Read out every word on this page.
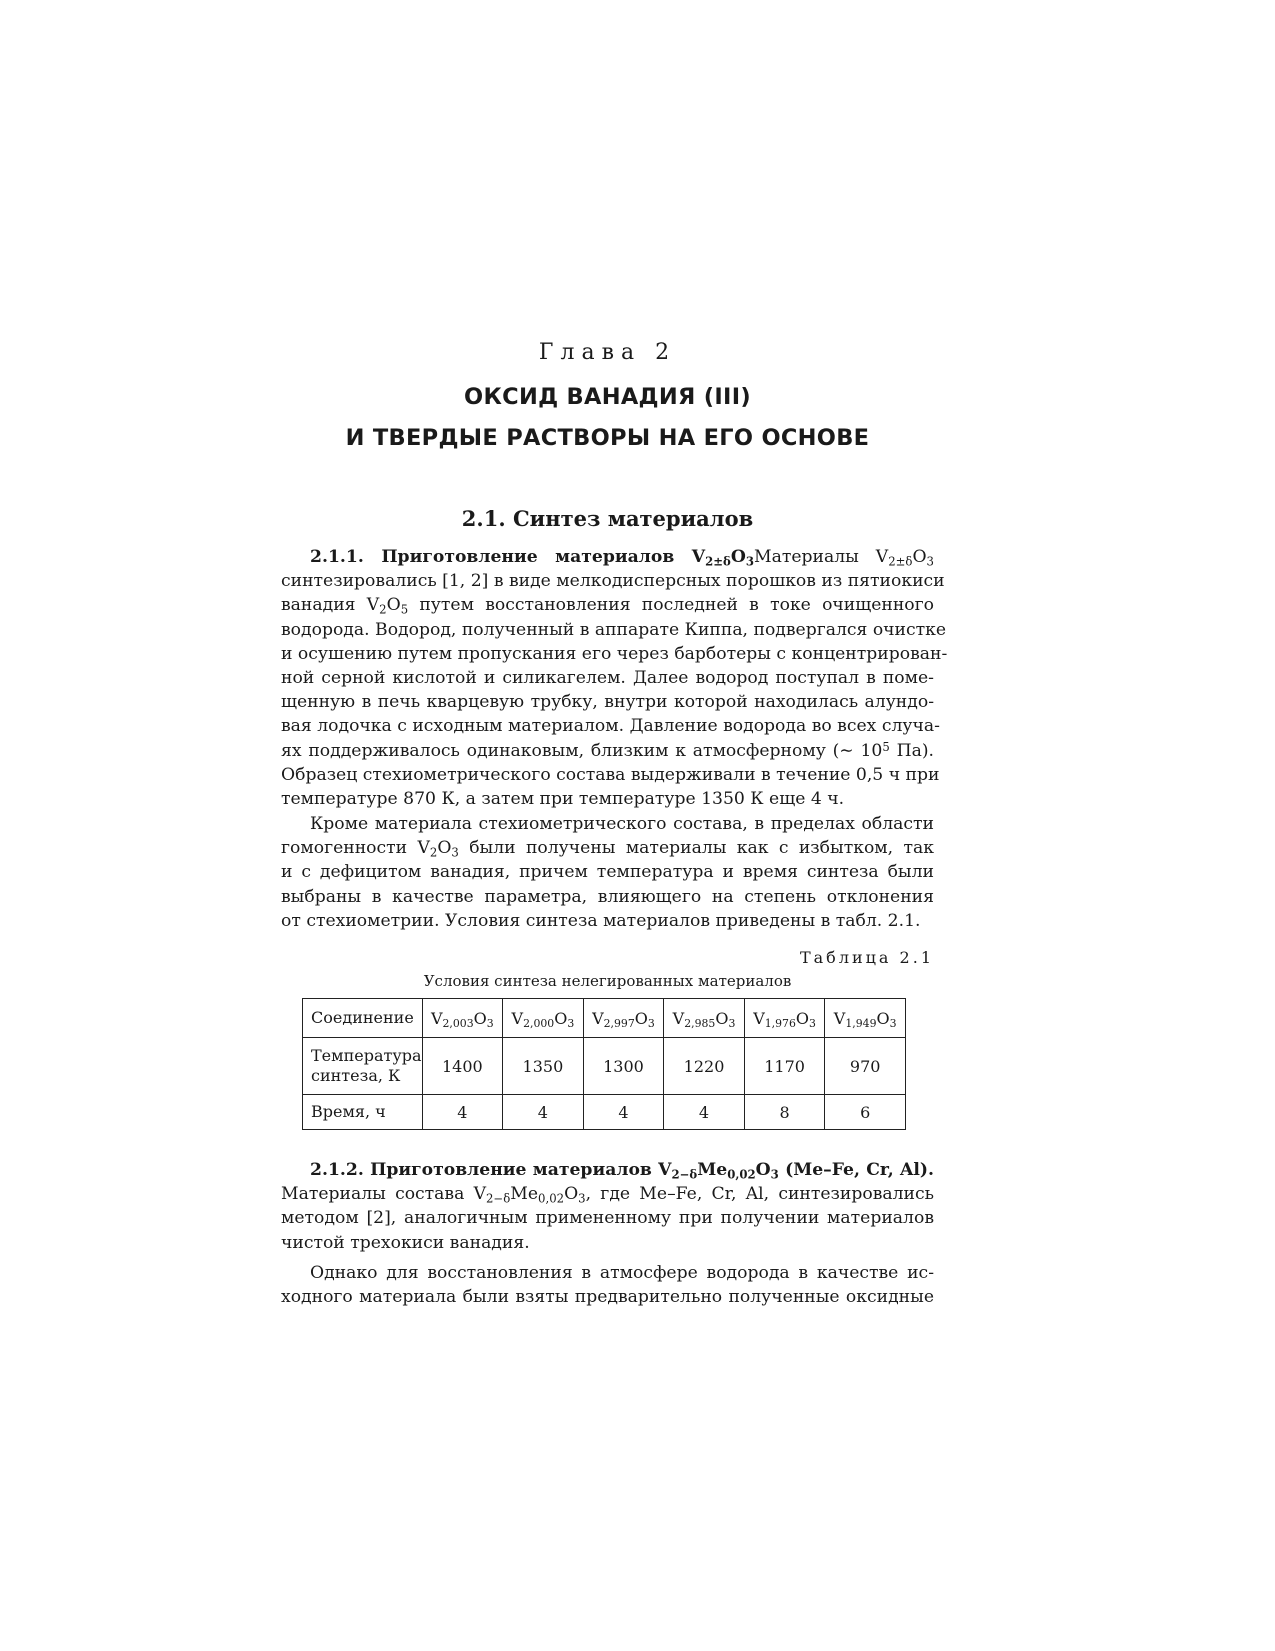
Глава 2
ОКСИД ВАНАДИЯ (III)
И ТВЕРДЫЕ РАСТВОРЫ НА ЕГО ОСНОВЕ
2.1. Синтез материалов
2.1.1. Приготовление материалов $V_{2\pm\delta}O_3Материалы$ $V_{2\pm\delta}O_3$
синтезировались [1, 2] в виде мелкодисперсных порошков из пятиокиси
ванадия $V_2O_5$ путем восстановления последней в токе очищенного
водорода. Водород, полученный в аппарате Киппа, подвергался очистке
и осушению путем пропускания его через барботеры с концентрирован-
ной серной кислотой и силикагелем. Далее водород поступал в поме-
щенную в печь кварцевую трубку, внутри которой находилась алундо-
вая лодочка с исходным материалом. Давление водорода во всех случа-
ях поддерживалось одинаковым, близким к атмосферному (∼ $10^5$ Па).
Образец стехиометрического состава выдерживали в течение 0,5 ч при
температуре 870 К, а затем при температуре 1350 К еще 4 ч.
Кроме материала стехиометрического состава, в пределах области
гомогенности $V_2O_3$ были получены материалы как с избытком, так
и с дефицитом ванадия, причем температура и время синтеза были
выбраны в качестве параметра, влияющего на степень отклонения
от стехиометрии. Условия синтеза материалов приведены в табл. 2.1.
Таблица 2.1
Условия синтеза нелегированных материалов
Соединение	$V_{2,003}O_3$	$V_{2,000}O_3$	$V_{2,997}O_3$	$V_{2,985}O_3$	$V_{1,976}O_3$	$V_{1,949}O_3$
Температура синтеза, К	1400	1350	1300	1220	1170	970
Время, ч	4	4	4	4	8	6
2.1.2. Приготовление материалов $V_{2-\delta}Me_{0,02}O_3$ (Me–Fe, Cr, Al).
Материалы состава $V_{2-\delta}Me_{0,02}O_3$, где Me–Fe, Cr, Al, синтезировались
методом [2], аналогичным примененному при получении материалов
чистой трехокиси ванадия.
Однако для восстановления в атмосфере водорода в качестве ис-
ходного материала были взяты предварительно полученные оксидные
